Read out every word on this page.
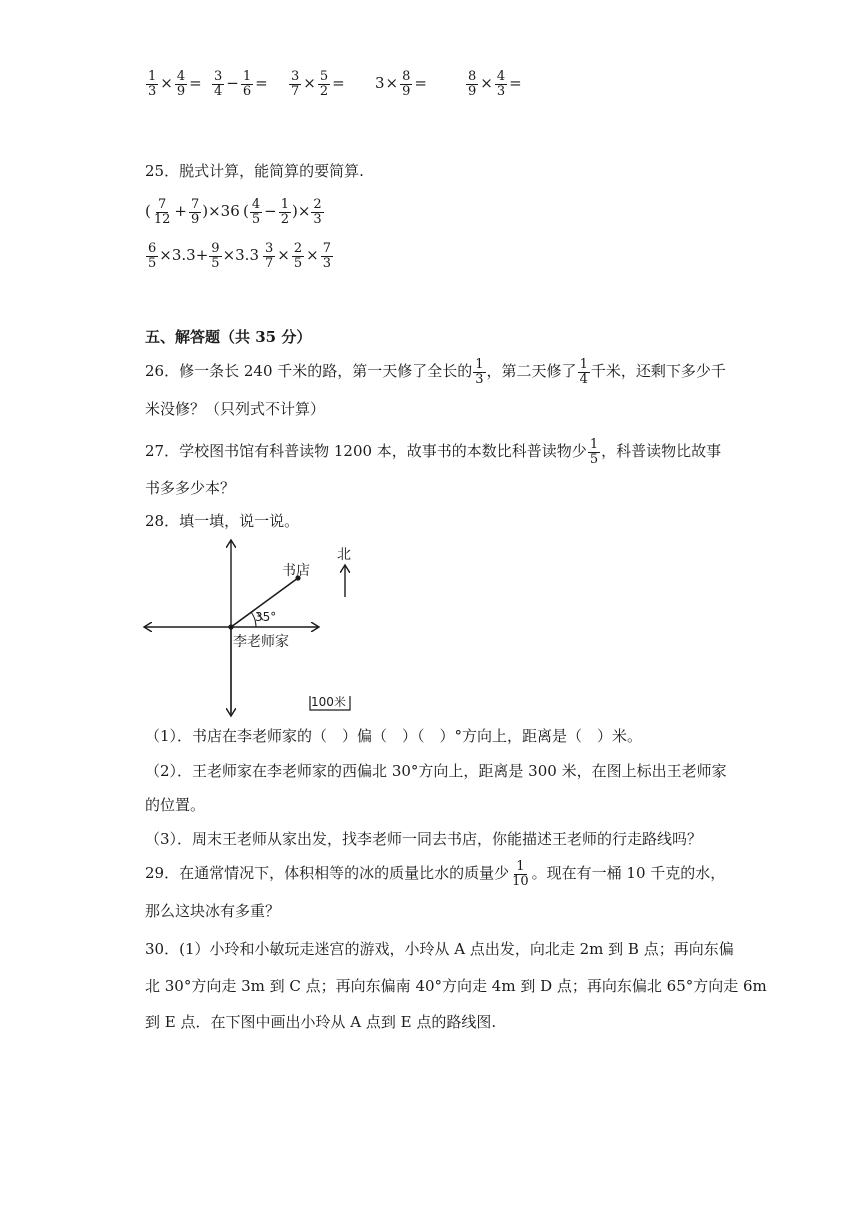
$\frac{1}{3} \times \frac{4}{9} = \frac{3}{4} - \frac{1}{6} = \frac{3}{7} \times \frac{5}{2} = 3\times \frac{8}{9}$ =	$\frac{8}{9} \times \frac{4}{3}$ =
25．脱式计算，能简算的要简算.
( $\frac{7}{12} + \frac{7}{9} )\times 36$ ( $\frac{4}{5} - \frac{1}{2}$ )× $\frac{2}{3}$
$\frac{6}{5} \times 3.3+ \frac{9}{5} \times 3.3 \frac{3}{7} \times \frac{2}{5} \times \frac{7}{3}$
五、解答题（共 35 分）
26．修一条长 240 千米的路，第一天修了全长的 $\frac{1}{3}$ ，第二天修了 $\frac{1}{4}$ 千米，还剩下多少千
米没修？（只列式不计算）
27．学校图书馆有科普读物 1200 本，故事书的本数比科普读物少 $\frac{1}{5}$ ，科普读物比故事
书多多少本？
28．填一填，说一说。
35°
书店
李老师家
北
100米
（1）．书店在李老师家的（　）偏（　）（　）°方向上，距离是（　）米。
（2）．王老师家在李老师家的西偏北 30°方向上，距离是 300 米，在图上标出王老师家
的位置。
（3）．周末王老师从家出发，找李老师一同去书店，你能描述王老师的行走路线吗？
29．在通常情况下，体积相等的冰的质量比水的质量少 $\frac{1}{10}$ 。现在有一桶 10 千克的水，
那么这块冰有多重？
30．(1）小玲和小敏玩走迷宫的游戏，小玲从 A 点出发，向北走 2m 到 B 点；再向东偏
北 30°方向走 3m 到 C 点；再向东偏南 40°方向走 4m 到 D 点；再向东偏北 65°方向走 6m
到 E 点．在下图中画出小玲从 A 点到 E 点的路线图.
